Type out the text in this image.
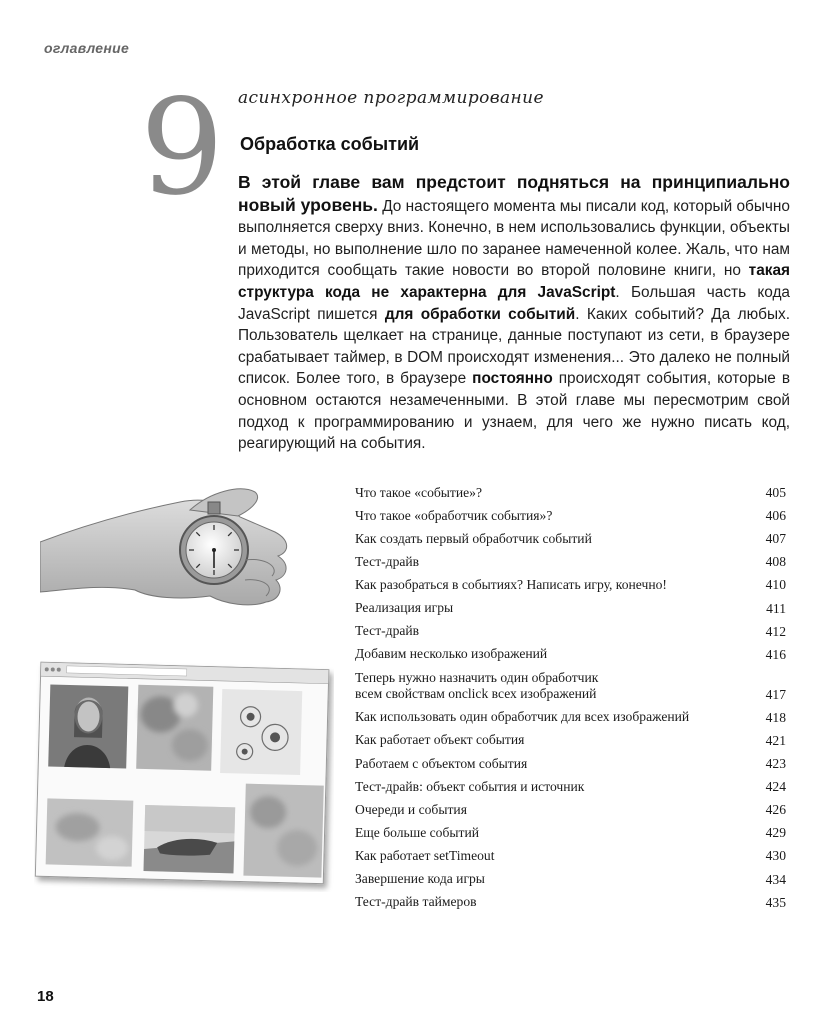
оглавление
9 асинхронное программирование
Обработка событий
В этой главе вам предстоит подняться на принципиально новый уровень. До настоящего момента мы писали код, который обычно выполняется сверху вниз. Конечно, в нем использовались функции, объекты и методы, но выполнение шло по заранее намеченной колее. Жаль, что нам приходится сообщать такие новости во второй половине книги, но такая структура кода не характерна для JavaScript. Большая часть кода JavaScript пишется для обработки событий. Каких событий? Да любых. Пользователь щелкает на странице, данные поступают из сети, в браузере срабатывает таймер, в DOM происходят изменения... Это далеко не полный список. Более того, в браузере постоянно происходят события, которые в основном остаются незамеченными. В этой главе мы пересмотрим свой подход к программированию и узнаем, для чего же нужно писать код, реагирующий на события.
Что такое «событие»?	405
Что такое «обработчик события»?	406
Как создать первый обработчик событий	407
Тест-драйв	408
Как разобраться в событиях? Написать игру, конечно!	410
Реализация игры	411
Тест-драйв	412
Добавим несколько изображений	416
Теперь нужно назначить один обработчик
всем свойствам onclick всех изображений	417
Как использовать один обработчик для всех изображений	418
Как работает объект события	421
Работаем с объектом события	423
Тест-драйв: объект события и источник	424
Очереди и события	426
Еще больше событий	429
Как работает setTimeout	430
Завершение кода игры	434
Тест-драйв таймеров	435
18
